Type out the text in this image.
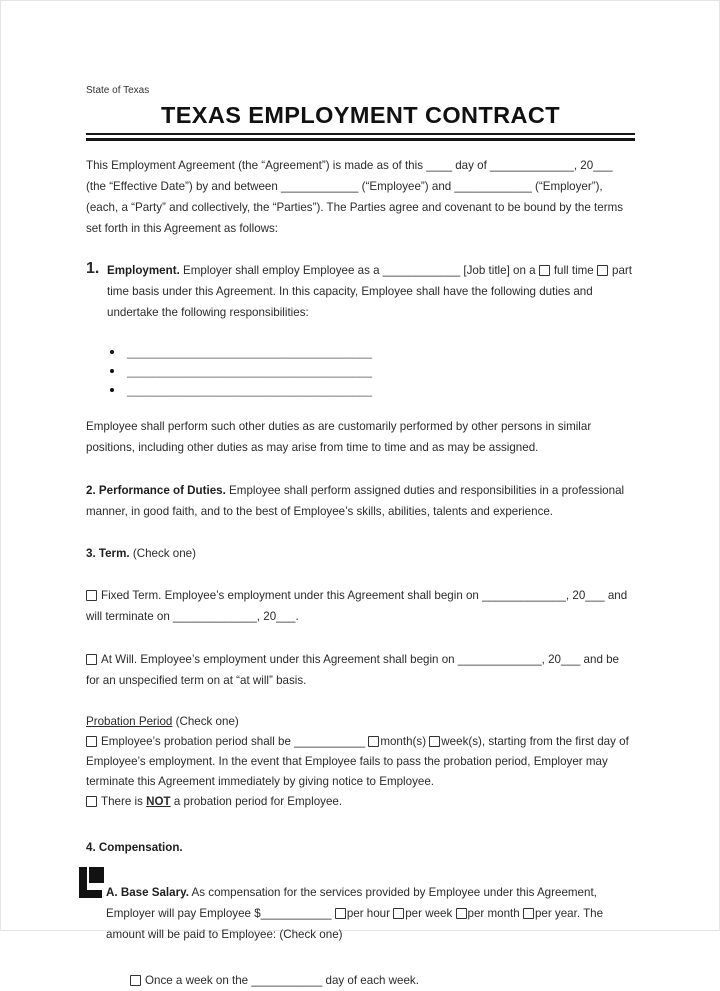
State of Texas

TEXAS EMPLOYMENT CONTRACT

This Employment Agreement (the “Agreement”) is made as of this ____ day of _____________, 20___ (the “Effective Date”) by and between ____________ (“Employee”) and ____________ (“Employer”), (each, a “Party” and collectively, the “Parties”). The Parties agree and covenant to be bound by the terms set forth in this Agreement as follows:

1. Employment. Employer shall employ Employee as a ____________ [Job title] on a full time part time basis under this Agreement. In this capacity, Employee shall have the following duties and undertake the following responsibilities:

______________________________________
______________________________________
______________________________________

Employee shall perform such other duties as are customarily performed by other persons in similar positions, including other duties as may arise from time to time and as may be assigned.

2. Performance of Duties. Employee shall perform assigned duties and responsibilities in a professional manner, in good faith, and to the best of Employee’s skills, abilities, talents and experience.

3. Term. (Check one)

Fixed Term. Employee’s employment under this Agreement shall begin on _____________, 20___ and will terminate on _____________, 20___.

At Will. Employee’s employment under this Agreement shall begin on _____________, 20___ and be for an unspecified term on at “at will” basis.

Probation Period (Check one)
Employee’s probation period shall be ___________ month(s) week(s), starting from the first day of Employee’s employment. In the event that Employee fails to pass the probation period, Employer may terminate this Agreement immediately by giving notice to Employee.
There is NOT a probation period for Employee.

4. Compensation.

A. Base Salary. As compensation for the services provided by Employee under this Agreement, Employer will pay Employee $___________ per hour per week per month per year. The amount will be paid to Employee: (Check one)

Once a week on the ___________ day of each week.
